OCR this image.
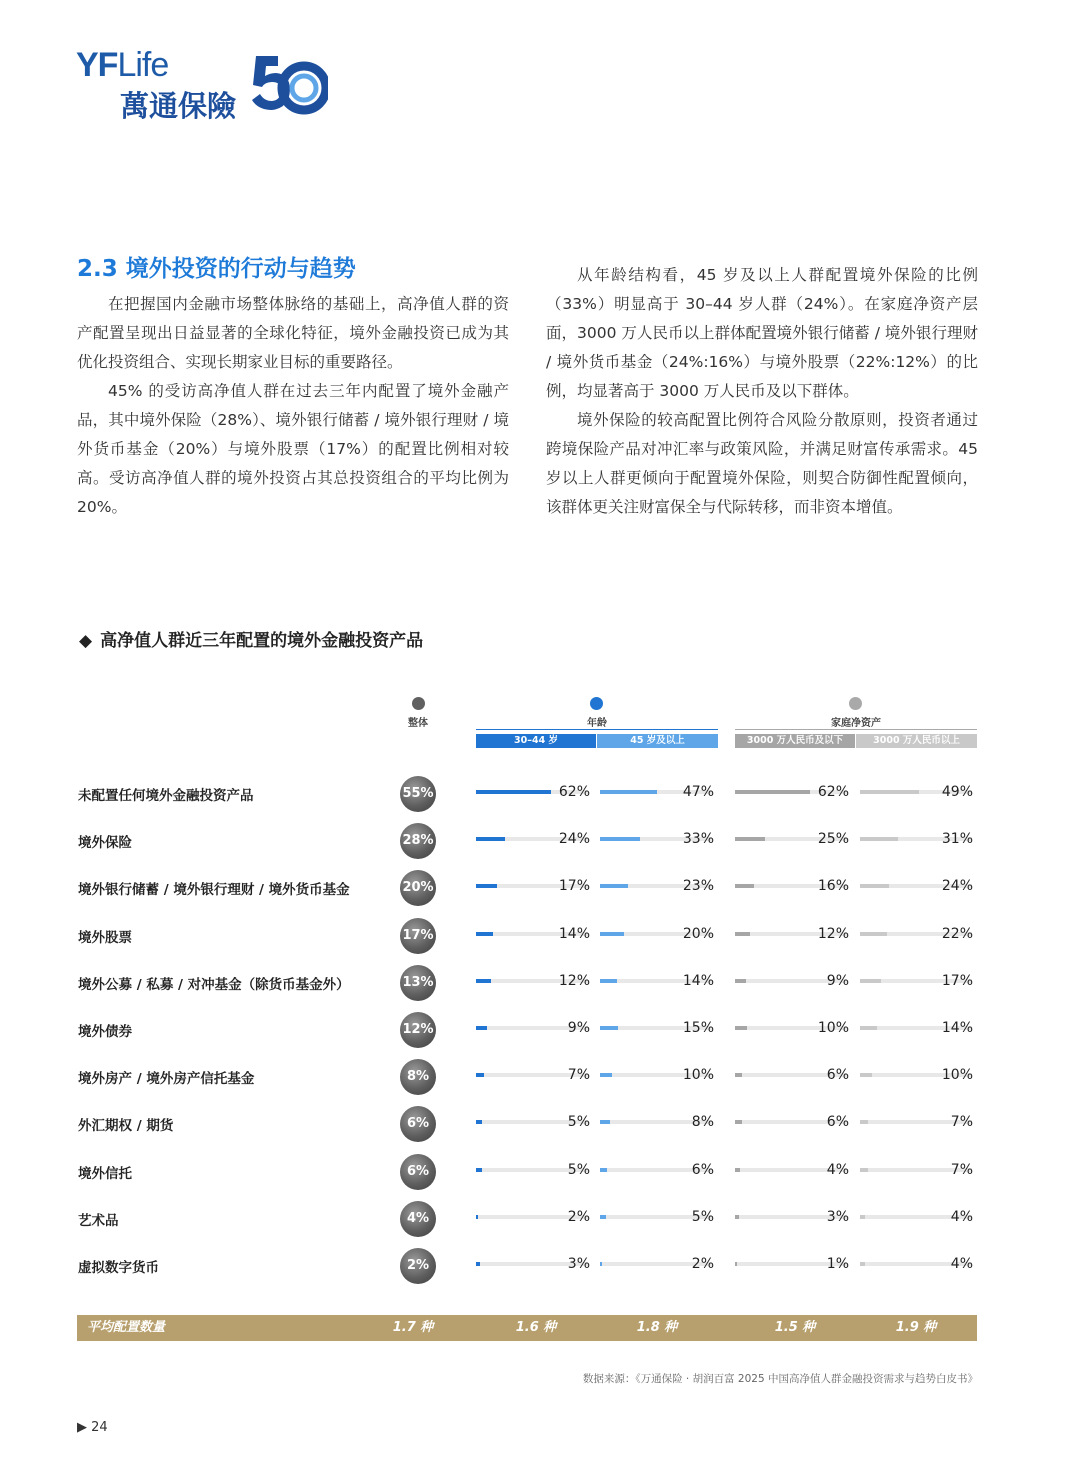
YFLife
萬通保險
2.3 境外投资的行动与趋势

在把握国内金融市场整体脉络的基础上，高净值人群的资产配置呈现出日益显著的全球化特征，境外金融投资已成为其优化投资组合、实现长期家业目标的重要路径。

45% 的受访高净值人群在过去三年内配置了境外金融产品，其中境外保险（28%）、境外银行储蓄 / 境外银行理财 / 境外货币基金（20%）与境外股票（17%）的配置比例相对较高。受访高净值人群的境外投资占其总投资组合的平均比例为 20%。

从年龄结构看，45 岁及以上人群配置境外保险的比例（33%）明显高于 30–44 岁人群（24%）。在家庭净资产层面，3000 万人民币以上群体配置境外银行储蓄 / 境外银行理财 / 境外货币基金（24%:16%）与境外股票（22%:12%）的比例，均显著高于 3000 万人民币及以下群体。

境外保险的较高配置比例符合风险分散原则，投资者通过跨境保险产品对冲汇率与政策风险，并满足财富传承需求。45 岁以上人群更倾向于配置境外保险，则契合防御性配置倾向，该群体更关注财富保全与代际转移，而非资本增值。

◆ 高净值人群近三年配置的境外金融投资产品
整体	年龄	家庭净资产
30–44 岁	45 岁及以上	3000 万人民币及以下	3000 万人民币以上
未配置任何境外金融投资产品	55%	62%	47%	62%	49%
境外保险	28%	24%	33%	25%	31%
境外银行储蓄 / 境外银行理财 / 境外货币基金	20%	17%	23%	16%	24%
境外股票	17%	14%	20%	12%	22%
境外公募 / 私募 / 对冲基金（除货币基金外）	13%	12%	14%	9%	17%
境外债券	12%	9%	15%	10%	14%
境外房产 / 境外房产信托基金	8%	7%	10%	6%	10%
外汇期权 / 期货	6%	5%	8%	6%	7%
境外信托	6%	5%	6%	4%	7%
艺术品	4%	2%	5%	3%	4%
虚拟数字货币	2%	3%	2%	1%	4%
平均配置数量	1.7 种	1.6 种	1.8 种	1.5 种	1.9 种
数据来源：《万通保险 · 胡润百富 2025 中国高净值人群金融投资需求与趋势白皮书》
▶ 24
